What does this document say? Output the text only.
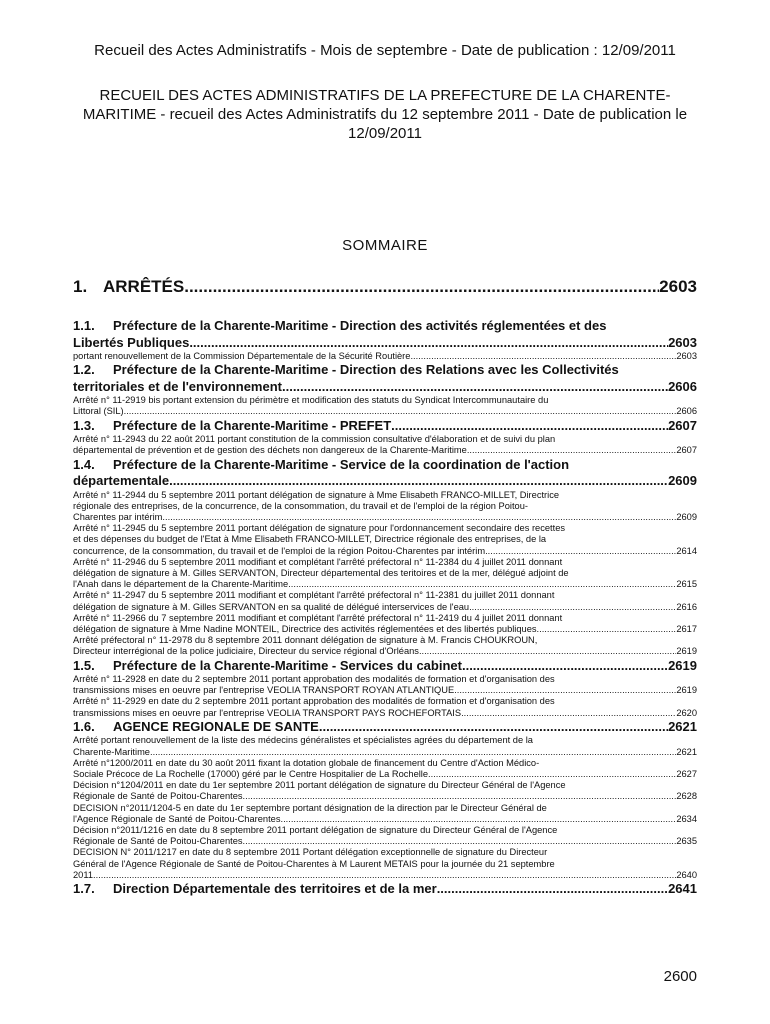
Recueil des Actes Administratifs - Mois de septembre - Date de publication : 12/09/2011
RECUEIL DES ACTES ADMINISTRATIFS DE LA PREFECTURE DE LA CHARENTE-MARITIME - recueil des Actes Administratifs du 12 septembre 2011 - Date de publication le 12/09/2011
SOMMAIRE
1. ARRÊTÉS .....	2603
1.1.	Préfecture de la Charente-Maritime - Direction des activités réglementées et des
Libertés Publiques .....	2603
portant renouvellement de la Commission Départementale de la Sécurité Routière .....	2603
1.2.	Préfecture de la Charente-Maritime - Direction des Relations avec les Collectivités
territoriales et de l'environnement .....	2606
Arrêté n° 11-2919 bis portant extension du périmètre et modification des statuts du Syndicat Intercommunautaire du
Littoral (SIL) .....	2606
1.3.	Préfecture de la Charente-Maritime - PREFET .....	2607
Arrêté n° 11-2943 du 22 août 2011 portant constitution de la commission consultative d'élaboration et de suivi du plan
départemental de prévention et de gestion des déchets non dangereux de la Charente-Maritime .....	2607
1.4.	Préfecture de la Charente-Maritime - Service de la coordination de l'action
départementale .....	2609
Arrêté n° 11-2944 du 5 septembre 2011 portant délégation de signature à Mme Elisabeth FRANCO-MILLET, Directrice
régionale des entreprises, de la concurrence, de la consommation, du travail et de l'emploi de la région Poitou-
Charentes par intérim .....	2609
Arrêté n° 11-2945 du 5 septembre 2011 portant délégation de signature pour l'ordonnancement secondaire des recettes
et des dépenses du budget de l'Etat à Mme Elisabeth FRANCO-MILLET, Directrice régionale des entreprises, de la
concurrence, de la consommation, du travail et de l'emploi de la région Poitou-Charentes par intérim .....	2614
Arrêté n° 11-2946 du 5 septembre 2011 modifiant et complétant l'arrêté préfectoral n° 11-2384 du 4 juillet 2011 donnant
délégation de signature à M. Gilles SERVANTON, Directeur départemental des teritoires et de la mer, délégué adjoint de
l'Anah dans le département de la Charente-Maritime .....	2615
Arrêté n° 11-2947 du 5 septembre 2011 modifiant et complétant l'arrêté préfectoral n° 11-2381 du juillet 2011 donnant
délégation de signature à M. Gilles SERVANTON en sa qualité de délégué interservices de l'eau .....	2616
Arrêté n° 11-2966 du 7 septembre 2011 modifiant et complétant l'arrêté préfectoral n° 11-2419 du 4 juillet 2011 donnant
délégation de signature à Mme Nadine MONTEIL, Directrice des activités réglementées et des libertés publiques .....	2617
Arrêté préfectoral n° 11-2978 du 8 septembre 2011 donnant délégation de signature à M. Francis CHOUKROUN,
Directeur interrégional de la police judiciaire, Directeur du service régional d'Orléans .....	2619
1.5.	Préfecture de la Charente-Maritime - Services du cabinet .....	2619
Arrêté n° 11-2928 en date du 2 septembre 2011 portant approbation des modalités de formation et d'organisation des
transmissions mises en oeuvre par l'entreprise VEOLIA TRANSPORT ROYAN ATLANTIQUE .....	2619
Arrêté n° 11-2929 en date du 2 septembre 2011 portant approbation des modalités de formation et d'organisation des
transmissions mises en oeuvre par l'entreprise VEOLIA TRANSPORT PAYS ROCHEFORTAIS .....	2620
1.6.	AGENCE REGIONALE DE SANTE .....	2621
Arrêté portant renouvellement de la liste des médecins généralistes et spécialistes agrées du département de la
Charente-Maritime .....	2621
Arrêté n°1200/2011 en date du 30 août 2011 fixant la dotation globale de financement du Centre d'Action Médico-
Sociale Précoce de La Rochelle (17000) géré par le Centre Hospitalier de La Rochelle .....	2627
Décision n°1204/2011 en date du 1er septembre 2011 portant délégation de signature du Directeur Général de l'Agence
Régionale de Santé de Poitou-Charentes .....	2628
DECISION n°2011/1204-5 en date du 1er septembre portant désignation de la direction par le Directeur Général de
l'Agence Régionale de Santé de Poitou-Charentes .....	2634
Décision n°2011/1216 en date du 8 septembre 2011 portant délégation de signature du Directeur Général de l'Agence
Régionale de Santé de Poitou-Charentes .....	2635
DECISION N° 2011/1217 en date du 8 septembre 2011 Portant délégation exceptionnelle de signature du Directeur
Général de l'Agence Régionale de Santé de Poitou-Charentes à M Laurent METAIS pour la journée du 21 septembre
2011 .....	2640
1.7.	Direction Départementale des territoires et de la mer .....	2641
2600
